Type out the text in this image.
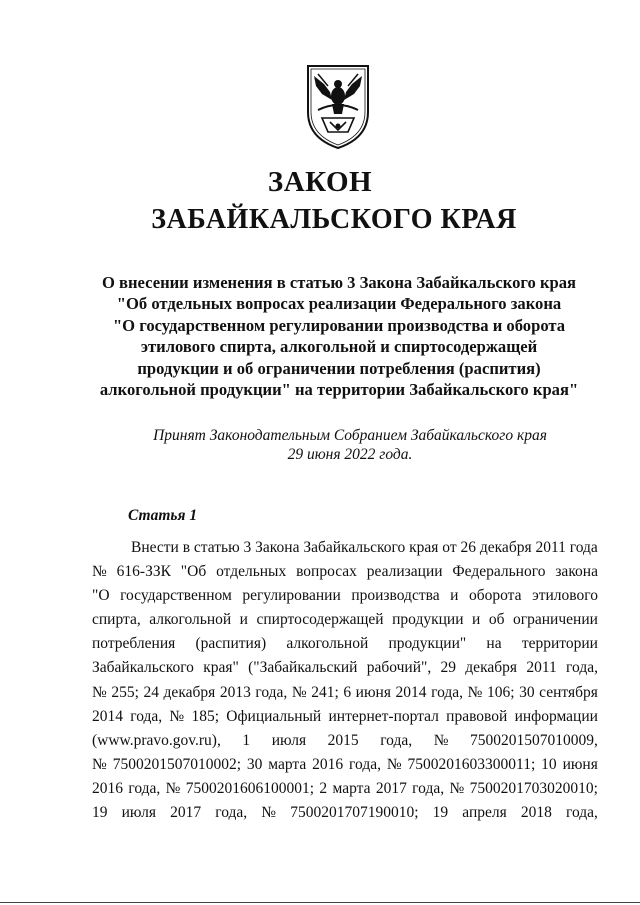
ЗАКОН
ЗАБАЙКАЛЬСКОГО КРАЯ
О внесении изменения в статью 3 Закона Забайкальского края
"Об отдельных вопросах реализации Федерального закона
"О государственном регулировании производства и оборота
этилового спирта, алкогольной и спиртосодержащей
продукции и об ограничении потребления (распития)
алкогольной продукции" на территории Забайкальского края"
Принят Законодательным Собранием Забайкальского края
29 июня 2022 года.
Статья 1
Внести в статью 3 Закона Забайкальского края от 26 декабря 2011 года
№ 616-ЗЗК "Об отдельных вопросах реализации Федерального закона
"О государственном регулировании производства и оборота этилового
спирта, алкогольной и спиртосодержащей продукции и об ограничении
потребления (распития) алкогольной продукции" на территории
Забайкальского края" ("Забайкальский рабочий", 29 декабря 2011 года,
№ 255; 24 декабря 2013 года, № 241; 6 июня 2014 года, № 106; 30 сентября
2014 года, № 185; Официальный интернет-портал правовой информации
(www.pravo.gov.ru), 1 июля 2015 года, № 7500201507010009,
№ 7500201507010002; 30 марта 2016 года, № 7500201603300011; 10 июня
2016 года, № 7500201606100001; 2 марта 2017 года, № 7500201703020010;
19 июля 2017 года, № 7500201707190010; 19 апреля 2018 года,
